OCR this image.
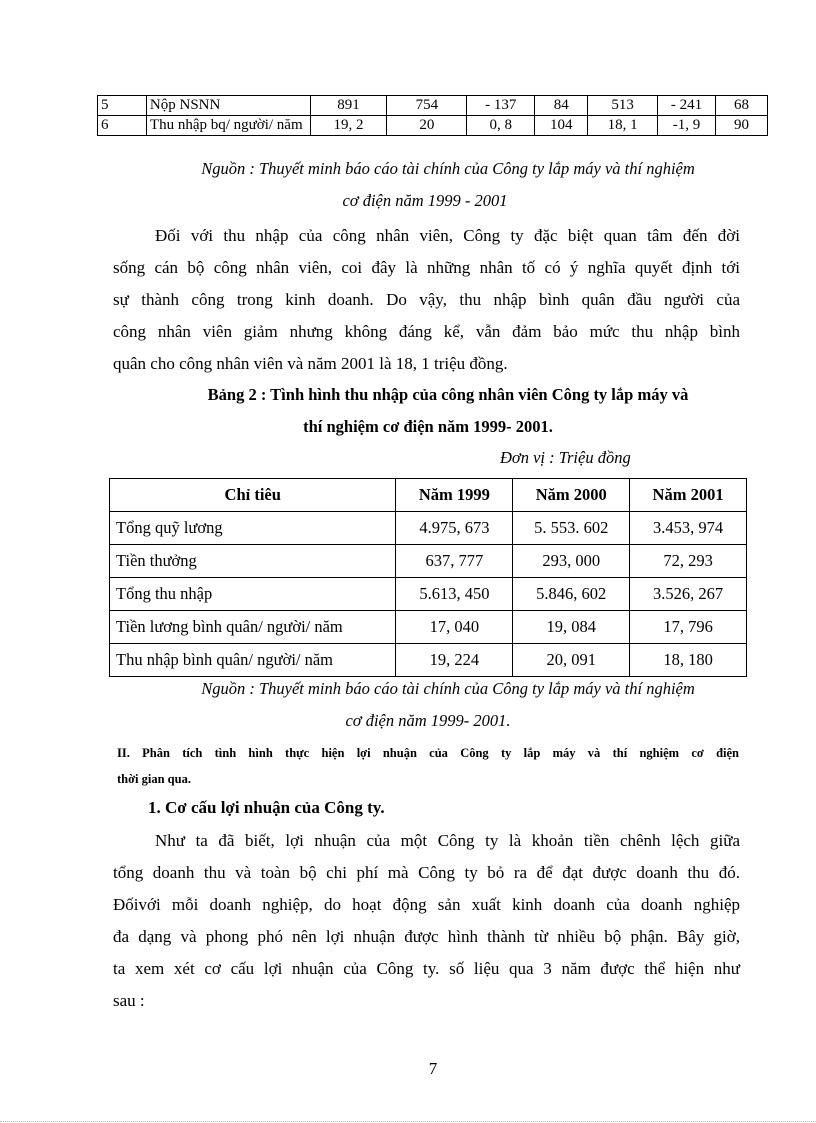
5	Nộp NSNN	891	754	- 137	84	513	- 241	68
6	Thu nhập bq/ người/ năm	19, 2	20	0, 8	104	18, 1	-1, 9	90
Nguồn : Thuyết minh báo cáo tài chính của Công ty lắp máy và thí nghiệm
cơ điện năm 1999 - 2001
Đối với thu nhập của công nhân viên, Công ty đặc biệt quan tâm đến đời
sống cán bộ công nhân viên, coi đây là những nhân tố có ý nghĩa quyết định tới
sự thành công trong kinh doanh. Do vậy, thu nhập bình quân đầu người của
công nhân viên giảm nhưng không đáng kể, vẫn đảm bảo mức thu nhập bình
quân cho công nhân viên và năm 2001 là 18, 1 triệu đồng.
Bảng 2 : Tình hình thu nhập của công nhân viên Công ty lắp máy và
thí nghiệm cơ điện năm 1999- 2001.
Đơn vị : Triệu đồng
Chỉ tiêu	Năm 1999	Năm 2000	Năm 2001
Tổng quỹ lương	4.975, 673	5. 553. 602	3.453, 974
Tiền thưởng	637, 777	293, 000	72, 293
Tổng thu nhập	5.613, 450	5.846, 602	3.526, 267
Tiền lương bình quân/ người/ năm	17, 040	19, 084	17, 796
Thu nhập bình quân/ người/ năm	19, 224	20, 091	18, 180
Nguồn : Thuyết minh báo cáo tài chính của Công ty lắp máy và thí nghiệm
cơ điện năm 1999- 2001.
II. Phân tích tình hình thực hiện lợi nhuận của Công ty lắp máy và thí nghiệm cơ điện
thời gian qua.
1. Cơ cấu lợi nhuận của Công ty.
Như ta đã biết, lợi nhuận của một Công ty là khoản tiền chênh lệch giữa
tổng doanh thu và toàn bộ chi phí mà Công ty bỏ ra để đạt được doanh thu đó.
Đốivới mỗi doanh nghiệp, do hoạt động sản xuất kinh doanh của doanh nghiệp
đa dạng và phong phó nên lợi nhuận được hình thành từ nhiều bộ phận. Bây giờ,
ta xem xét cơ cấu lợi nhuận của Công ty. số liệu qua 3 năm được thể hiện như
sau :
7
